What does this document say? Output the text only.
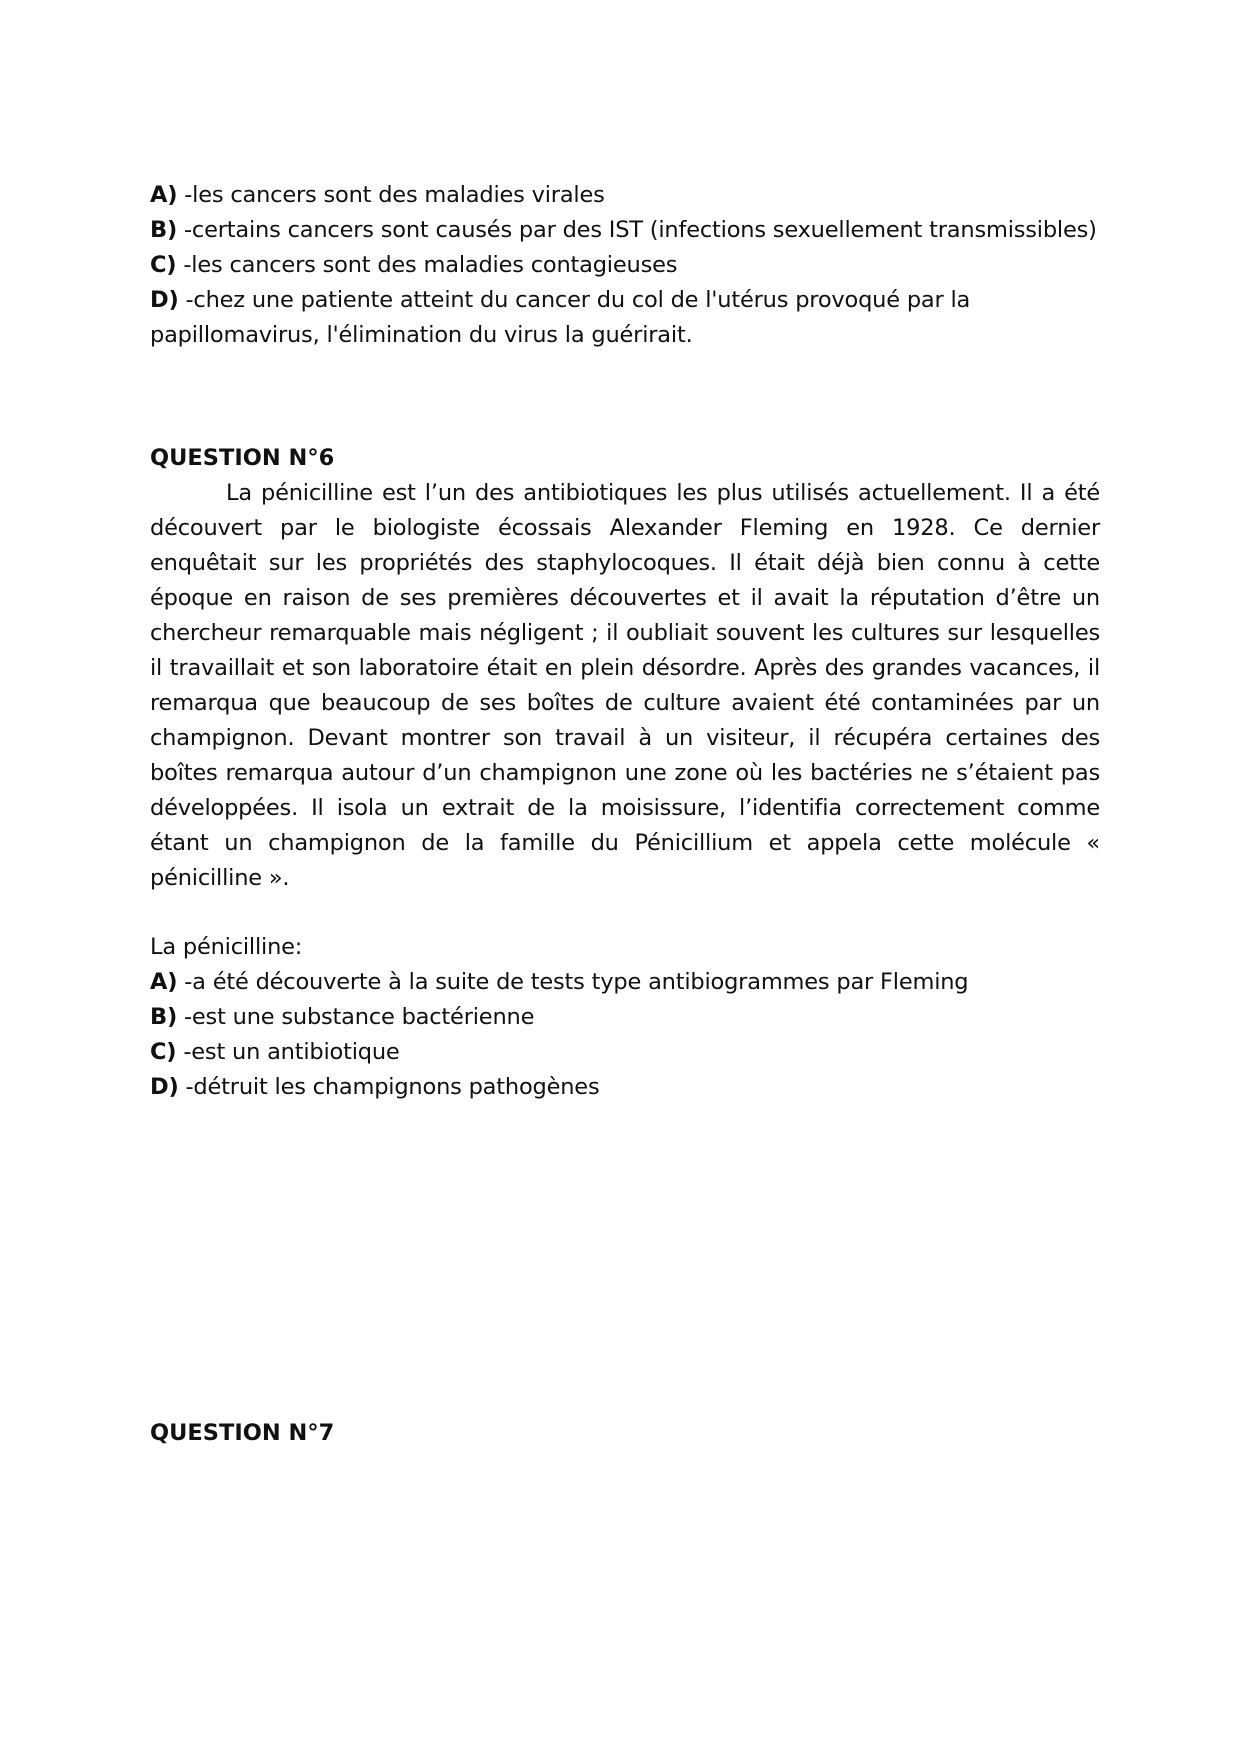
A) -les cancers sont des maladies virales

B) -certains cancers sont causés par des IST (infections sexuellement transmissibles)

C) -les cancers sont des maladies contagieuses

D) -chez une patiente atteint du cancer du col de l'utérus provoqué par la papillomavirus, l'élimination du virus la guérirait.

QUESTION N°6

La pénicilline est l’un des antibiotiques les plus utilisés actuellement. Il a été découvert par le biologiste écossais Alexander Fleming en 1928. Ce dernier enquêtait sur les propriétés des staphylocoques. Il était déjà bien connu à cette époque en raison de ses premières découvertes et il avait la réputation d’être un chercheur remarquable mais négligent ; il oubliait souvent les cultures sur lesquelles il travaillait et son laboratoire était en plein désordre. Après des grandes vacances, il remarqua que beaucoup de ses boîtes de culture avaient été contaminées par un champignon. Devant montrer son travail à un visiteur, il récupéra certaines des boîtes remarqua autour d’un champignon une zone où les bactéries ne s’étaient pas développées. Il isola un extrait de la moisissure, l’identifia correctement comme étant un champignon de la famille du Pénicillium et appela cette molécule « pénicilline ».

La pénicilline:

A) -a été découverte à la suite de tests type antibiogrammes par Fleming

B) -est une substance bactérienne

C) -est un antibiotique

D) -détruit les champignons pathogènes

QUESTION N°7
